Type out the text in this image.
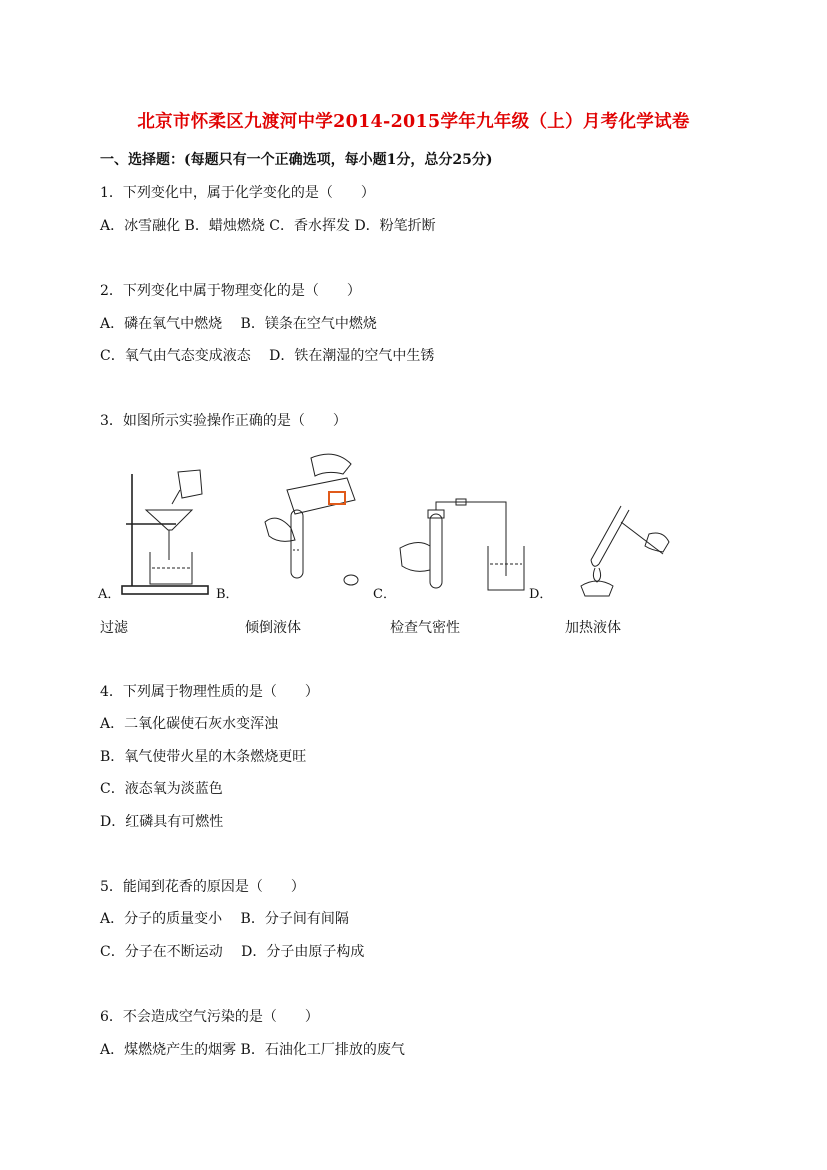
北京市怀柔区九渡河中学2014-2015学年九年级（上）月考化学试卷
一、选择题：(每题只有一个正确选项，每小题1分，总分25分)
1．下列变化中，属于化学变化的是（　　）
A．冰雪融化 B．蜡烛燃烧 C．香水挥发 D．粉笔折断
2．下列变化中属于物理变化的是（　　）
A．磷在氧气中燃烧　 B．镁条在空气中燃烧
C．氧气由气态变成液态　 D．铁在潮湿的空气中生锈
3．如图所示实验操作正确的是（　　）
A．	B．	C．	D．
过滤	倾倒液体	检查气密性	加热液体
4．下列属于物理性质的是（　　）
A．二氧化碳使石灰水变浑浊
B．氧气使带火星的木条燃烧更旺
C．液态氧为淡蓝色
D．红磷具有可燃性
5．能闻到花香的原因是（　　）
A．分子的质量变小　 B．分子间有间隔
C．分子在不断运动　 D．分子由原子构成
6．不会造成空气污染的是（　　）
A．煤燃烧产生的烟雾 B．石油化工厂排放的废气
